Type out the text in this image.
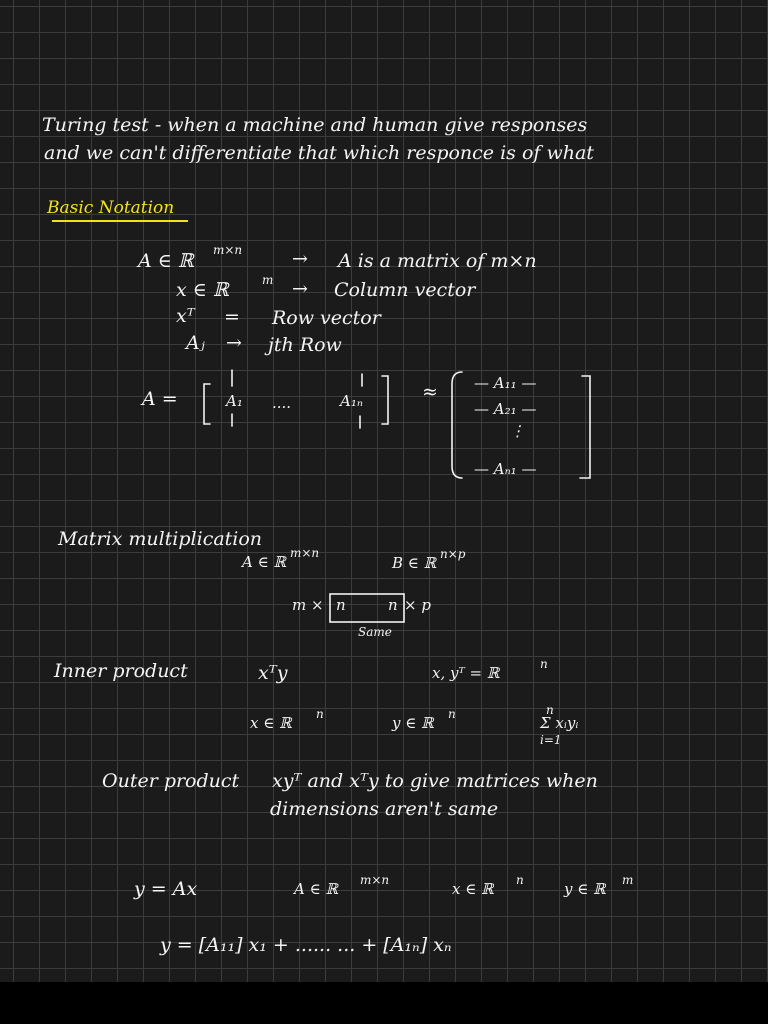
Turing test - when a machine and human give responses
and we can't differentiate that which responce is of what
Basic Notation
A ∈ ℝ m×n	→ A is a matrix of m×n
x ∈ ℝ	m → Column vector
xᵀ = Row vector
Aⱼ → jth Row
A =	A₁ ....	A₁ₙ	≈ — A₁₁ —
— A₂₁ —
⋮
— Aₙ₁ —
Matrix multiplication
A ∈ ℝ m×n
B ∈ ℝ n×p
m × n	n × p
Same
Inner product	xᵀy	x, yᵀ = ℝ	n
x ∈ ℝ n	y ∈ ℝ n	n
Σ xᵢyᵢ
i=1
Outer product xyᵀ and xᵀy to give matrices when
dimensions aren't same
y = Ax	A ∈ ℝ m×n	x ∈ ℝ n	y ∈ ℝ m
y = [A₁₁] x₁ + ...... ... + [A₁ₙ] xₙ
